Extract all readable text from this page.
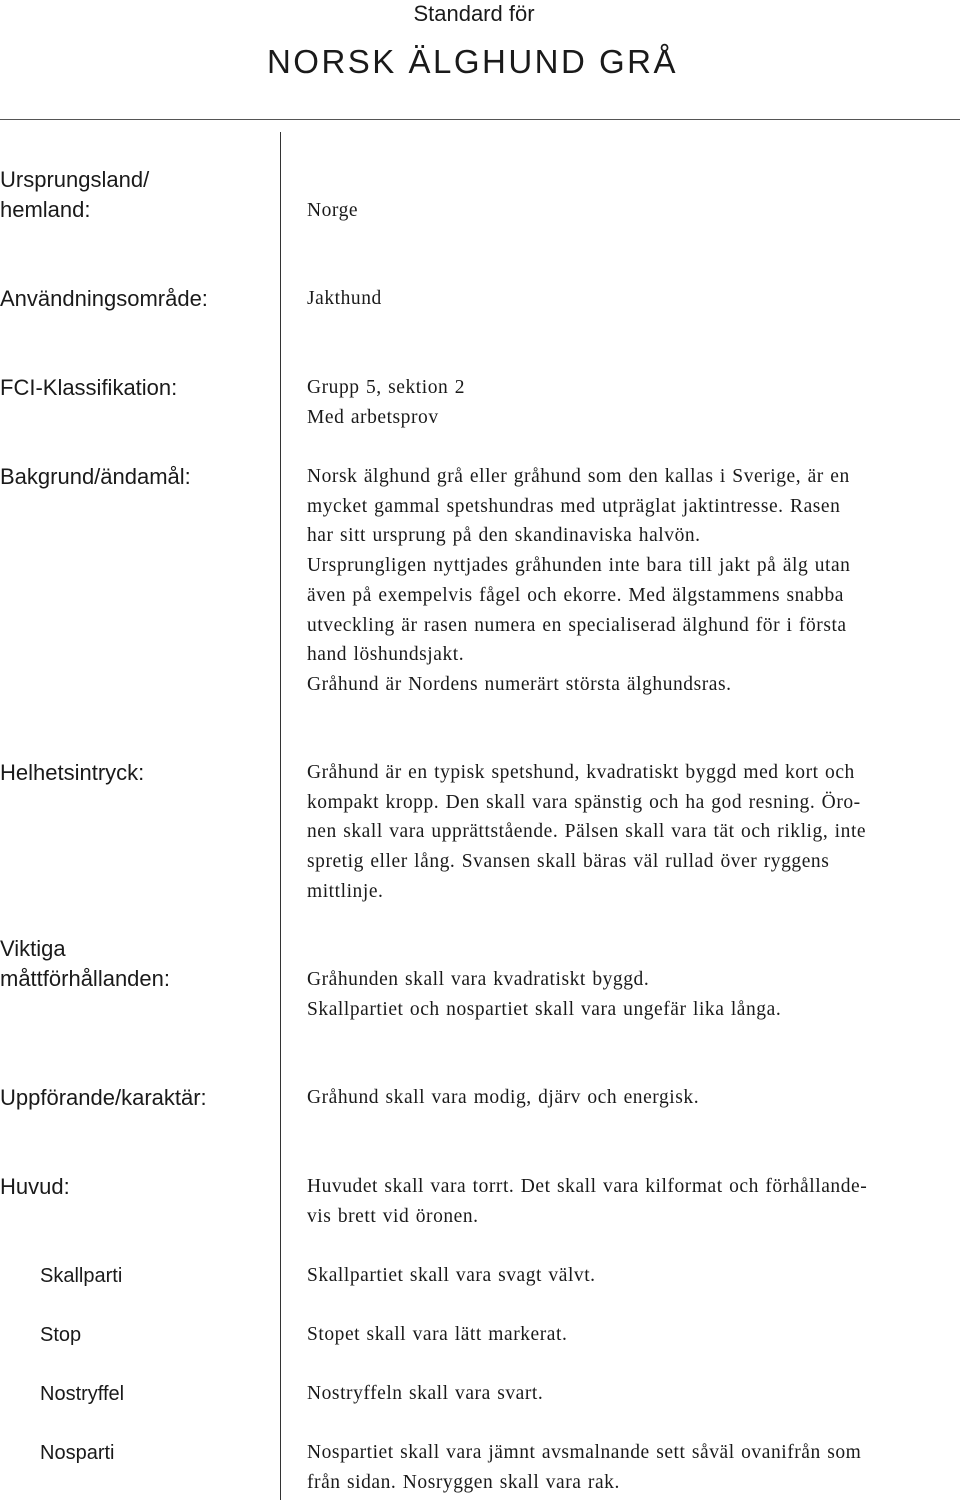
Standard för
NORSK ÄLGHUND GRÅ
Ursprungsland/
hemland:	Norge

Användningsområde:	Jakthund

FCI-Klassifikation:	Grupp 5, sektion 2

Med arbetsprov

Bakgrund/ändamål:	Norsk älghund grå eller gråhund som den kallas i Sverige, är en

mycket gammal spetshundras med utpräglat jaktintresse. Rasen

har sitt ursprung på den skandinaviska halvön.

Ursprungligen nyttjades gråhunden inte bara till jakt på älg utan

även på exempelvis fågel och ekorre. Med älgstammens snabba

utveckling är rasen numera en specialiserad älghund för i första

hand löshundsjakt.

Gråhund är Nordens numerärt största älghundsras.

Helhetsintryck:	Gråhund är en typisk spetshund, kvadratiskt byggd med kort och

kompakt kropp. Den skall vara spänstig och ha god resning. Öro-

nen skall vara upprättstående. Pälsen skall vara tät och riklig, inte

spretig eller lång. Svansen skall bäras väl rullad över ryggens

mittlinje.

Viktiga
måttförhållanden:	Gråhunden skall vara kvadratiskt byggd.

Skallpartiet och nospartiet skall vara ungefär lika långa.

Uppförande/karaktär:	Gråhund skall vara modig, djärv och energisk.

Huvud:	Huvudet skall vara torrt. Det skall vara kilformat och förhållande-

vis brett vid öronen.

Skallparti	Skallpartiet skall vara svagt välvt.

Stop	Stopet skall vara lätt markerat.

Nostryffel	Nostryffeln skall vara svart.

Nosparti	Nospartiet skall vara jämnt avsmalnande sett såväl ovanifrån som

från sidan. Nosryggen skall vara rak.
